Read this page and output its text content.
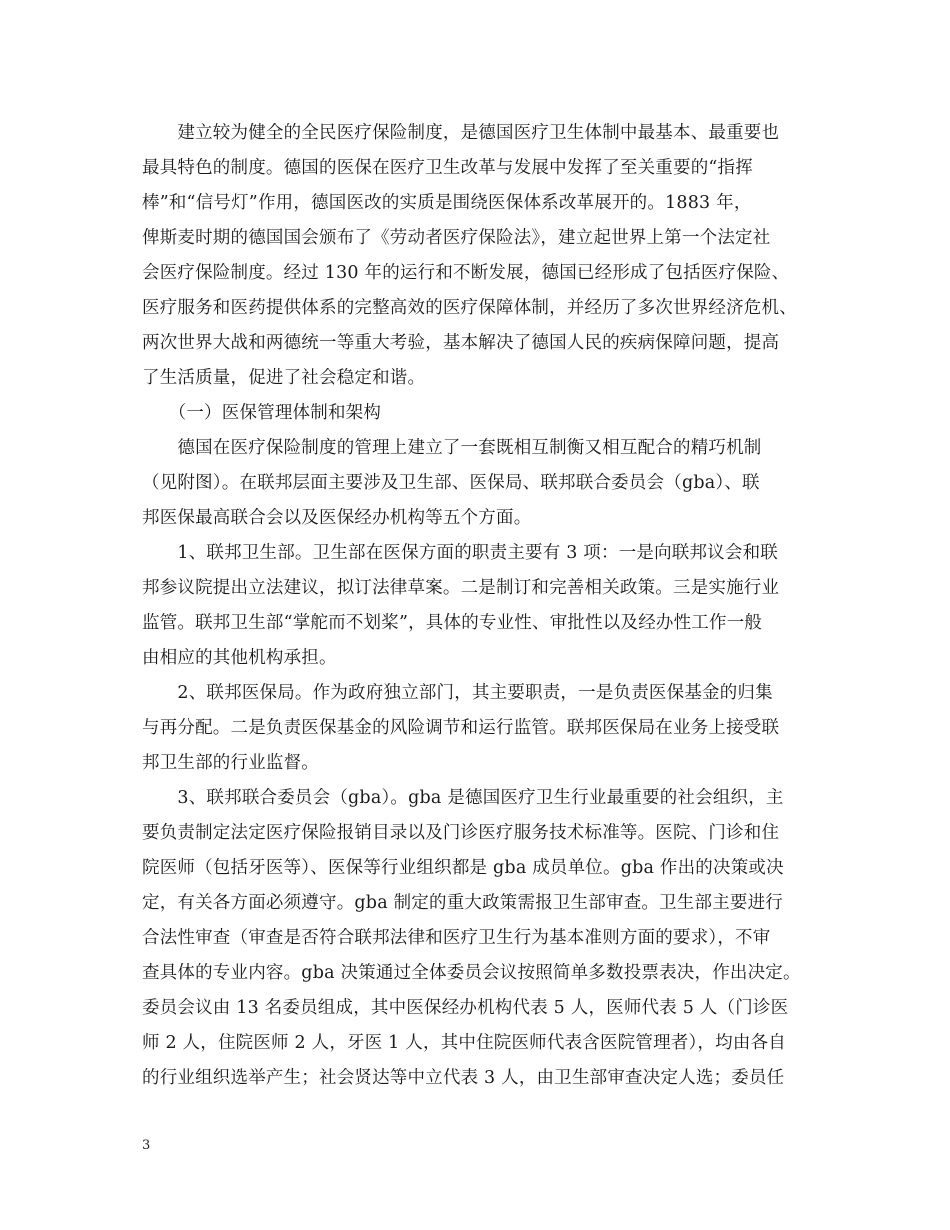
　　建立较为健全的全民医疗保险制度，是德国医疗卫生体制中最基本、最重要也
最具特色的制度。德国的医保在医疗卫生改革与发展中发挥了至关重要的“指挥
棒”和“信号灯”作用，德国医改的实质是围绕医保体系改革展开的。1883 年，
俾斯麦时期的德国国会颁布了《劳动者医疗保险法》，建立起世界上第一个法定社
会医疗保险制度。经过 130 年的运行和不断发展，德国已经形成了包括医疗保险、
医疗服务和医药提供体系的完整高效的医疗保障体制，并经历了多次世界经济危机、
两次世界大战和两德统一等重大考验，基本解决了德国人民的疾病保障问题，提高
了生活质量，促进了社会稳定和谐。
　　（一）医保管理体制和架构
　　德国在医疗保险制度的管理上建立了一套既相互制衡又相互配合的精巧机制
（见附图）。在联邦层面主要涉及卫生部、医保局、联邦联合委员会（gba）、联
邦医保最高联合会以及医保经办机构等五个方面。
　　1、联邦卫生部。卫生部在医保方面的职责主要有 3 项：一是向联邦议会和联
邦参议院提出立法建议，拟订法律草案。二是制订和完善相关政策。三是实施行业
监管。联邦卫生部“掌舵而不划桨”，具体的专业性、审批性以及经办性工作一般
由相应的其他机构承担。
　　2、联邦医保局。作为政府独立部门，其主要职责，一是负责医保基金的归集
与再分配。二是负责医保基金的风险调节和运行监管。联邦医保局在业务上接受联
邦卫生部的行业监督。
　　3、联邦联合委员会（gba）。gba 是德国医疗卫生行业最重要的社会组织，主
要负责制定法定医疗保险报销目录以及门诊医疗服务技术标准等。医院、门诊和住
院医师（包括牙医等）、医保等行业组织都是 gba 成员单位。gba 作出的决策或决
定，有关各方面必须遵守。gba 制定的重大政策需报卫生部审查。卫生部主要进行
合法性审查（审查是否符合联邦法律和医疗卫生行为基本准则方面的要求），不审
查具体的专业内容。gba 决策通过全体委员会议按照简单多数投票表决，作出决定。
委员会议由 13 名委员组成，其中医保经办机构代表 5 人，医师代表 5 人（门诊医
师 2 人，住院医师 2 人，牙医 1 人，其中住院医师代表含医院管理者），均由各自
的行业组织选举产生；社会贤达等中立代表 3 人，由卫生部审查决定人选；委员任
3
